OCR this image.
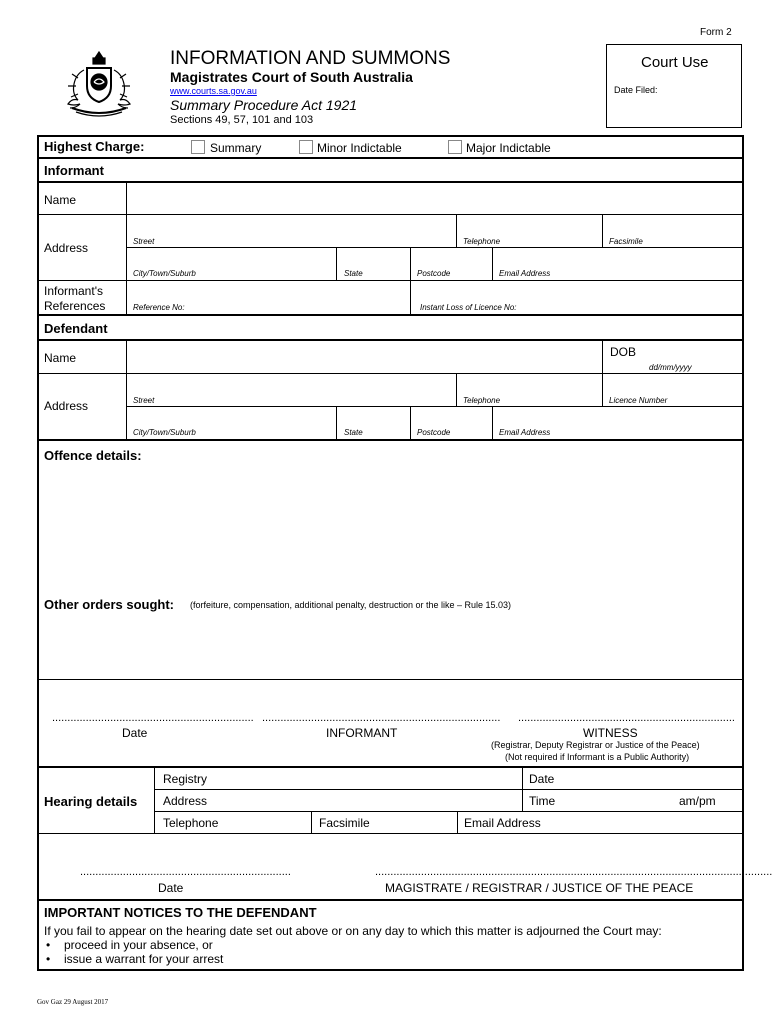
Form 2
INFORMATION AND SUMMONS
Magistrates Court of South Australia
www.courts.sa.gov.au
Summary Procedure Act 1921
Sections 49, 57, 101 and 103
Court Use
Date Filed:
Highest Charge:	Summary	Minor Indictable	Major Indictable
Informant
Name
Address	Street	Telephone	Facsimile
City/Town/Suburb	State	Postcode	Email Address
Informant's References	Reference No:	Instant Loss of Licence No:
Defendant
Name	DOB
dd/mm/yyyy
Address	Street	Telephone	Licence Number
City/Town/Suburb	State	Postcode	Email Address
Offence details:
Other orders sought: (forfeiture, compensation, additional penalty, destruction or the like – Rule 15.03)
.................................................................. .............................................................................. .......................................................................
Date	INFORMANT	WITNESS
(Registrar, Deputy Registrar or Justice of the Peace)
(Not required if Informant is a Public Authority)
Hearing details
Registry	Date
Address	Time	am/pm
Telephone	Facsimile	Email Address
.....................................................................	..................................................................................................................................
Date	MAGISTRATE / REGISTRAR / JUSTICE OF THE PEACE
IMPORTANT NOTICES TO THE DEFENDANT
If you fail to appear on the hearing date set out above or on any day to which this matter is adjourned the Court may:
• proceed in your absence, or
• issue a warrant for your arrest
Gov Gaz 29 August 2017
